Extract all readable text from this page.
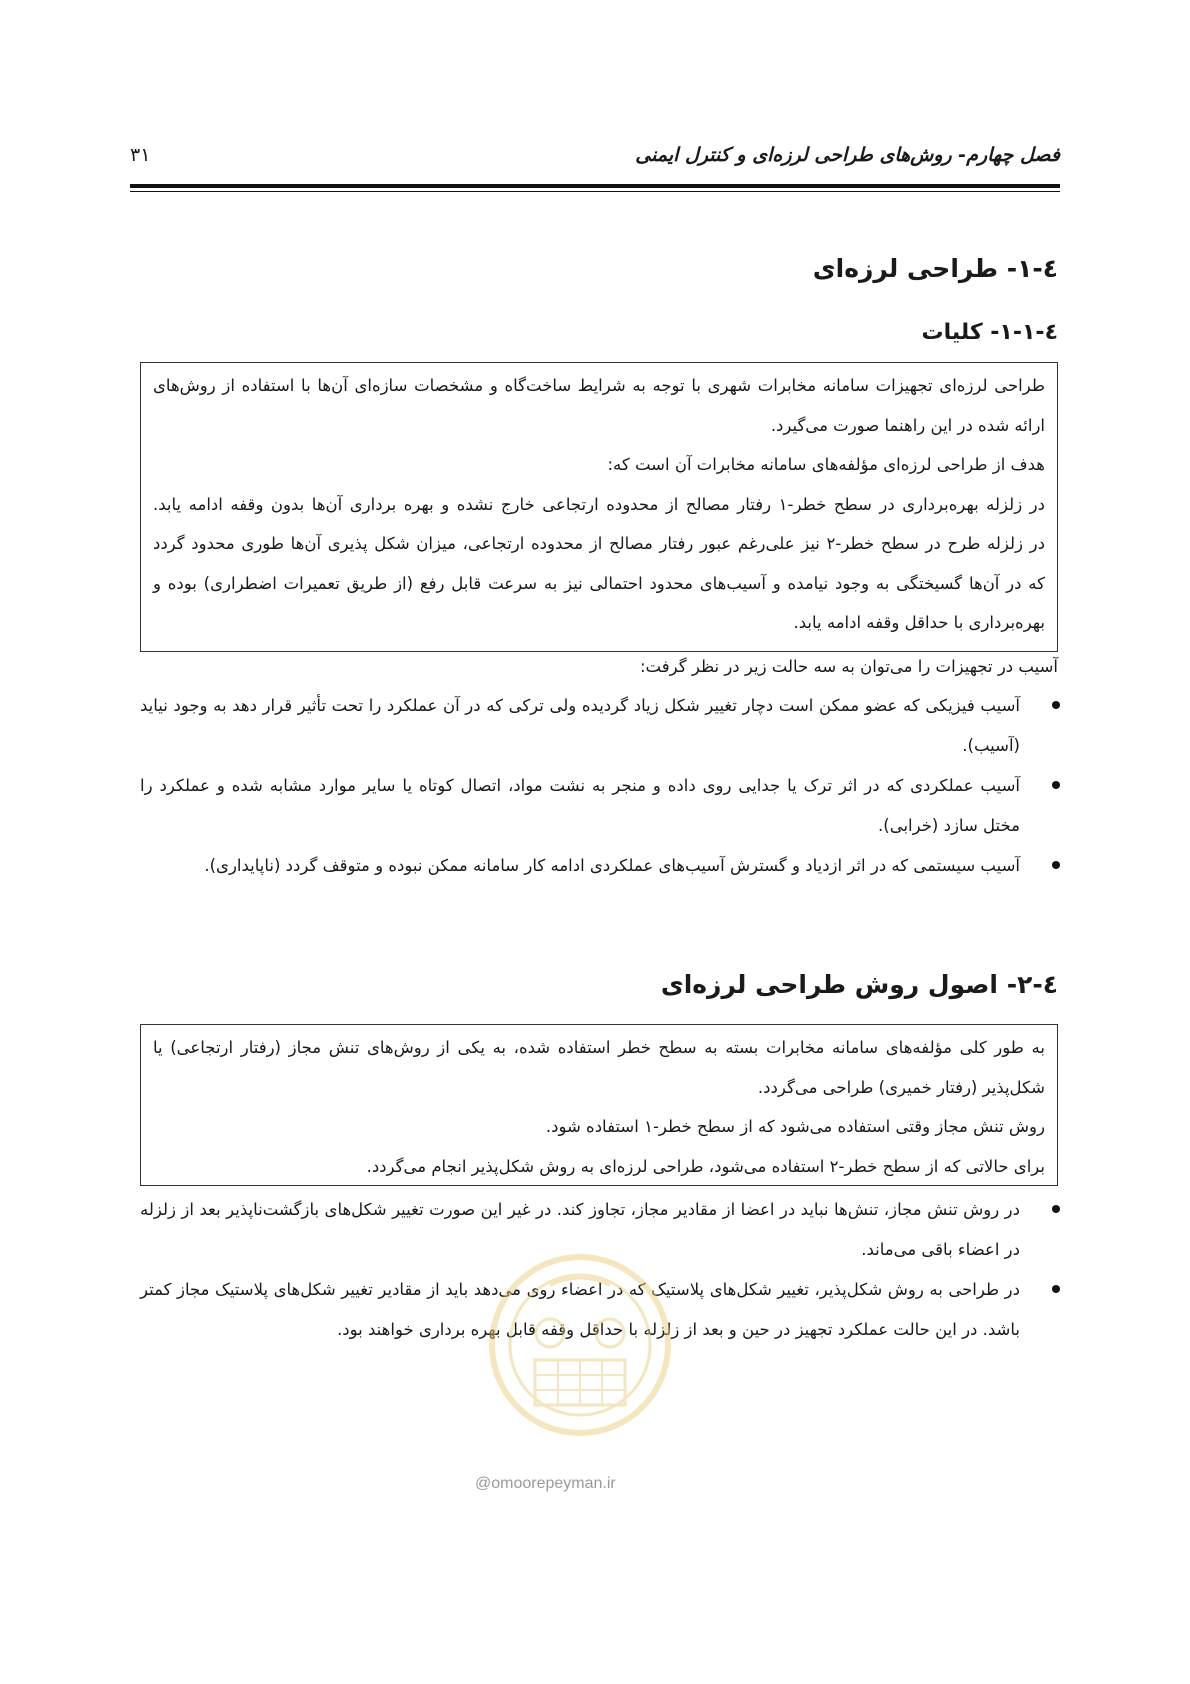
فصل چهارم- روش‌های طراحی لرزه‌ای و کنترل ایمنی
۳۱
٤-١- طراحی لرزه‌ای
٤-١-١- کلیات

طراحی لرزه‌ای تجهیزات سامانه مخابرات شهری با توجه به شرایط ساخت‌گاه و مشخصات سازه‌ای آن‌ها با استفاده از روش‌های

ارائه شده در این راهنما صورت می‌گیرد.

هدف از طراحی لرزه‌ای مؤلفه‌های سامانه مخابرات آن است که:

در زلزله بهره‌برداری در سطح خطر-١ رفتار مصالح از محدوده ارتجاعی خارج نشده و بهره برداری آن‌ها بدون وقفه ادامه یابد.

در زلزله طرح در سطح خطر-٢ نیز علی‌رغم عبور رفتار مصالح از محدوده ارتجاعی، میزان شکل پذیری آن‌ها طوری محدود گردد

که در آن‌ها گسیختگی به وجود نیامده و آسیب‌های محدود احتمالی نیز به سرعت قابل رفع (از طریق تعمیرات اضطراری) بوده و

بهره‌برداری با حداقل وقفه ادامه یابد.

آسیب در تجهیزات را می‌توان به سه حالت زیر در نظر گرفت:

آسیب فیزیکی که عضو ممکن است دچار تغییر شکل زیاد گردیده ولی ترکی که در آن عملکرد را تحت تأثیر قرار دهد به وجود نیاید (آسیب).
آسیب عملکردی که در اثر ترک یا جدایی روی داده و منجر به نشت مواد، اتصال کوتاه یا سایر موارد مشابه شده و عملکرد را مختل سازد (خرابی).
آسیب سیستمی که در اثر ازدیاد و گسترش آسیب‌های عملکردی ادامه کار سامانه ممکن نبوده و متوقف گردد (ناپایداری).
٤-٢- اصول روش طراحی لرزه‌ای

به طور کلی مؤلفه‌های سامانه مخابرات بسته به سطح خطر استفاده شده، به یکی از روش‌های تنش مجاز (رفتار ارتجاعی) یا

شکل‌پذیر (رفتار خمیری) طراحی می‌گردد.

روش تنش مجاز وقتی استفاده می‌شود که از سطح خطر-١ استفاده شود.

برای حالاتی که از سطح خطر-٢ استفاده می‌شود، طراحی لرزه‌ای به روش شکل‌پذیر انجام می‌گردد.

در روش تنش مجاز، تنش‌ها نباید در اعضا از مقادیر مجاز، تجاوز کند. در غیر این صورت تغییر شکل‌های بازگشت‌ناپذیر بعد از زلزله در اعضاء باقی می‌ماند.
در طراحی به روش شکل‌پذیر، تغییر شکل‌های پلاستیک که در اعضاء روی می‌دهد باید از مقادیر تغییر شکل‌های پلاستیک مجاز کمتر باشد. در این حالت عملکرد تجهیز در حین و بعد از زلزله با حداقل وقفه قابل بهره برداری خواهند بود.
@omoorepeyman.ir
